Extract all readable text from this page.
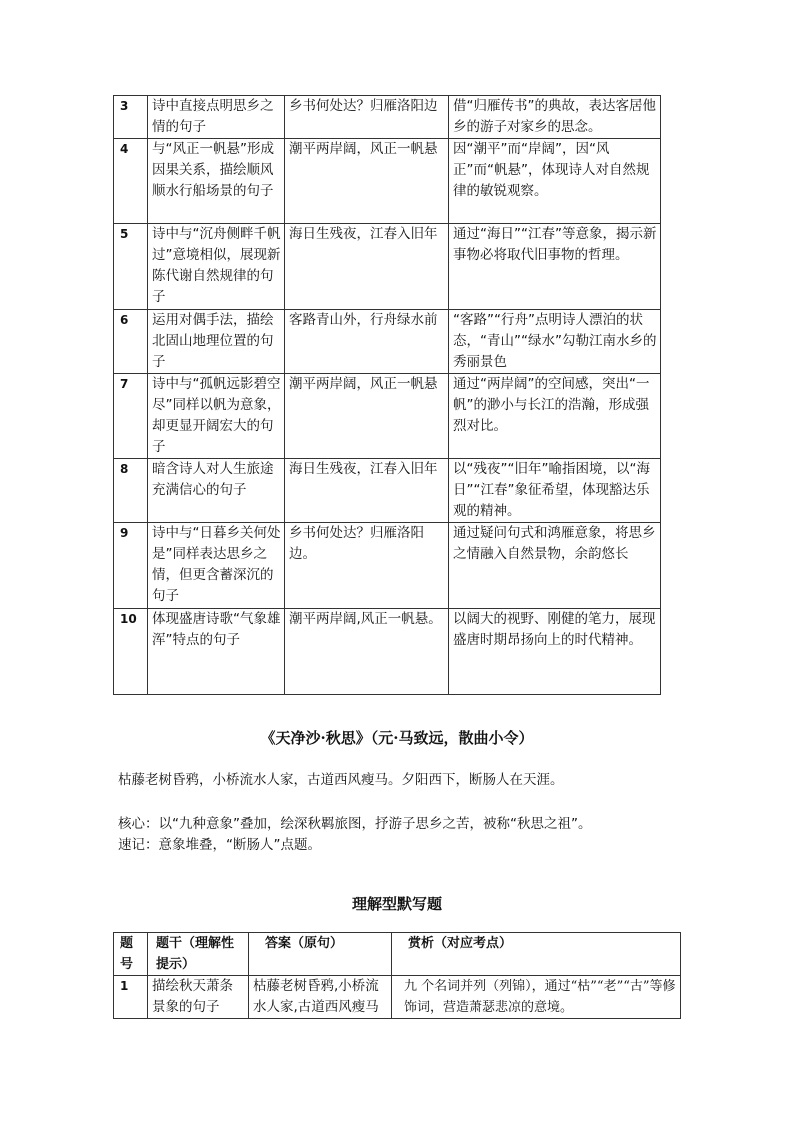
3	诗中直接点明思乡之情的句子	乡书何处达？归雁洛阳边	借“归雁传书”的典故，表达客居他乡的游子对家乡的思念。
4	与“风正一帆悬”形成因果关系，描绘顺风顺水行船场景的句子	潮平两岸阔，风正一帆悬	因“潮平”而“岸阔”，因“风正”而“帆悬”，体现诗人对自然规律的敏锐观察。
5	诗中与“沉舟侧畔千帆过”意境相似，展现新陈代谢自然规律的句子	海日生残夜，江春入旧年	通过“海日”“江春”等意象，揭示新事物必将取代旧事物的哲理。
6	运用对偶手法，描绘北固山地理位置的句子	客路青山外，行舟绿水前	“客路”“行舟”点明诗人漂泊的状态，“青山”“绿水”勾勒江南水乡的秀丽景色
7	诗中与“孤帆远影碧空尽”同样以帆为意象，却更显开阔宏大的句子	潮平两岸阔，风正一帆悬	通过“两岸阔”的空间感，突出“一帆”的渺小与长江的浩瀚，形成强烈对比。
8	暗含诗人对人生旅途充满信心的句子	海日生残夜，江春入旧年	以“残夜”“旧年”喻指困境，以“海日”“江春”象征希望，体现豁达乐观的精神。
9	诗中与“日暮乡关何处是”同样表达思乡之情，但更含蓄深沉的句子	乡书何处达？归雁洛阳边。	通过疑问句式和鸿雁意象，将思乡之情融入自然景物，余韵悠长
10	体现盛唐诗歌“气象雄浑”特点的句子	潮平两岸阔,风正一帆悬。	以阔大的视野、刚健的笔力，展现盛唐时期昂扬向上的时代精神。
《天净沙·秋思》（元·马致远，散曲小令）
枯藤老树昏鸦，小桥流水人家，古道西风瘦马。夕阳西下，断肠人在天涯。
核心：以“九种意象”叠加，绘深秋羁旅图，抒游子思乡之苦，被称“秋思之祖”。
速记：意象堆叠，“断肠人”点题。
理解型默写题
题号	题干（理解性提示）	答案（原句）	赏析（对应考点）
1	描绘秋天萧条景象的句子	枯藤老树昏鸦,小桥流水人家,古道西风瘦马	九 个名词并列（列锦），通过“枯”“老”“古”等修饰词，营造萧瑟悲凉的意境。
